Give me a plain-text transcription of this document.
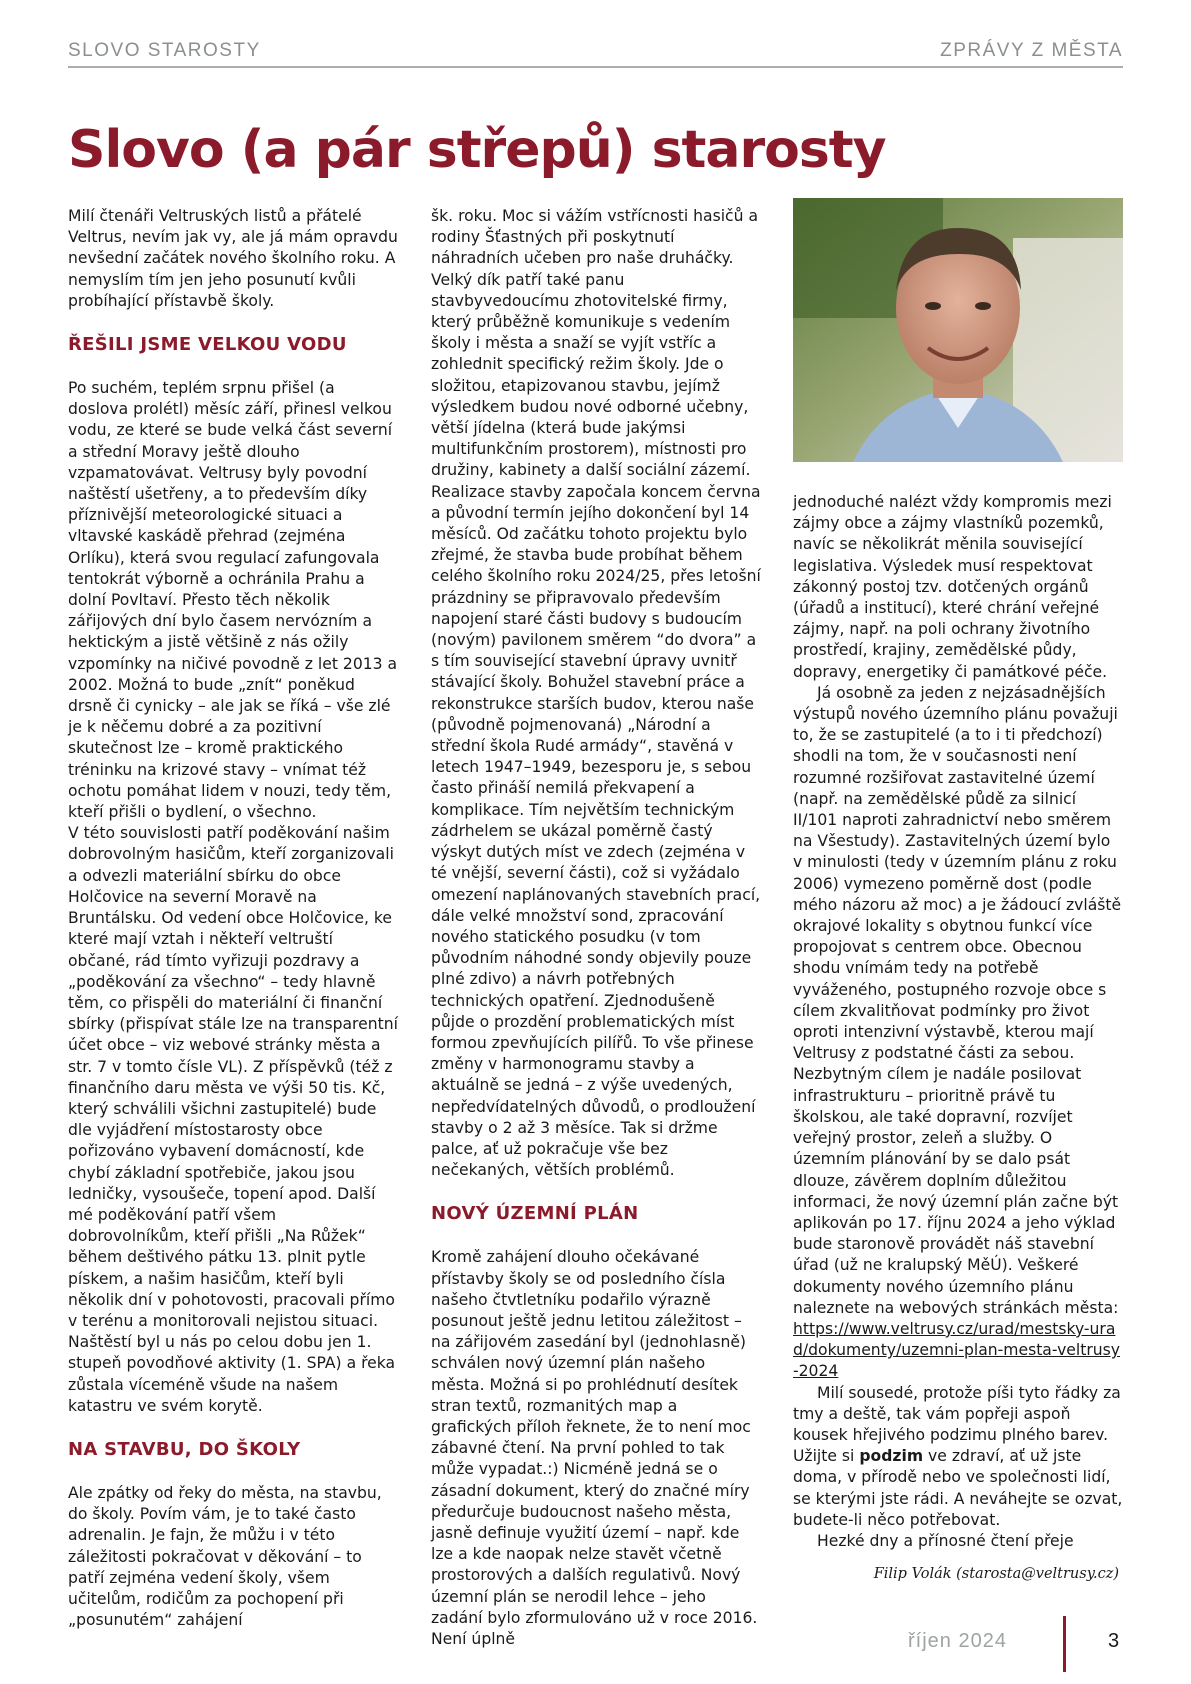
SLOVO STAROSTY	ZPRÁVY Z MĚSTA
Slovo (a pár střepů) starosty

Milí čtenáři Veltruských listů a přátelé Veltrus, nevím jak vy, ale já mám opravdu nevšední začátek nového školního roku. A nemyslím tím jen jeho posunutí kvůli probíhající přístavbě školy.

ŘEŠILI JSME VELKOU VODU

Po suchém, teplém srpnu přišel (a doslova prolétl) měsíc září, přinesl velkou vodu, ze které se bude velká část severní a střední Moravy ještě dlouho vzpamatovávat. Veltrusy byly povodní naštěstí ušetřeny, a to především díky příznivější meteorologické situaci a vltavské kaskádě přehrad (zejména Orlíku), která svou regulací zafungovala tentokrát výborně a ochránila Prahu a dolní Povltaví. Přesto těch několik zářijových dní bylo časem nervózním a hektickým a jistě většině z nás ožily vzpomínky na ničivé povodně z let 2013 a 2002. Možná to bude „znít“ poněkud drsně či cynicky – ale jak se říká – vše zlé je k něčemu dobré a za pozitivní skutečnost lze – kromě praktického tréninku na krizové stavy – vnímat též ochotu pomáhat lidem v nouzi, tedy těm, kteří přišli o bydlení, o všechno.

V této souvislosti patří poděkování našim dobrovolným hasičům, kteří zorganizovali a odvezli materiální sbírku do obce Holčovice na severní Moravě na Bruntálsku. Od vedení obce Holčovice, ke které mají vztah i někteří veltruští občané, rád tímto vyřizuji pozdravy a „poděkování za všechno“ – tedy hlavně těm, co přispěli do materiální či finanční sbírky (přispívat stále lze na transparentní účet obce – viz webové stránky města a str. 7 v tomto čísle VL). Z příspěvků (též z finančního daru města ve výši 50 tis. Kč, který schválili všichni zastupitelé) bude dle vyjádření místostarosty obce pořizováno vybavení domácností, kde chybí základní spotřebiče, jakou jsou ledničky, vysoušeče, topení apod. Další mé poděkování patří všem dobrovolníkům, kteří přišli „Na Růžek“ během deštivého pátku 13. plnit pytle pískem, a našim hasičům, kteří byli několik dní v pohotovosti, pracovali přímo v terénu a monitorovali nejistou situaci. Naštěstí byl u nás po celou dobu jen 1. stupeň povodňové aktivity (1. SPA) a řeka zůstala víceméně všude na našem katastru ve svém korytě.

NA STAVBU, DO ŠKOLY

Ale zpátky od řeky do města, na stavbu, do školy. Povím vám, je to také často adrenalin. Je fajn, že můžu i v této záležitosti pokračovat v děkování – to patří zejména vedení školy, všem učitelům, rodičům za pochopení při „posunutém“ zahájení

šk. roku. Moc si vážím vstřícnosti hasičů a rodiny Šťastných při poskytnutí náhradních učeben pro naše druháčky. Velký dík patří také panu stavbyvedoucímu zhotovitelské firmy, který průběžně komunikuje s vedením školy i města a snaží se vyjít vstříc a zohlednit specifický režim školy. Jde o složitou, etapizovanou stavbu, jejímž výsledkem budou nové odborné učebny, větší jídelna (která bude jakýmsi multifunkčním prostorem), místnosti pro družiny, kabinety a další sociální zázemí. Realizace stavby započala koncem června a původní termín jejího dokončení byl 14 měsíců. Od začátku tohoto projektu bylo zřejmé, že stavba bude probíhat během celého školního roku 2024/25, přes letošní prázdniny se připravovalo především napojení staré části budovy s budoucím (novým) pavilonem směrem “do dvora” a s tím související stavební úpravy uvnitř stávající školy. Bohužel stavební práce a rekonstrukce starších budov, kterou naše (původně pojmenovaná) „Národní a střední škola Rudé armády“, stavěná v letech 1947–1949, bezesporu je, s sebou často přináší nemilá překvapení a komplikace. Tím největším technickým zádrhelem se ukázal poměrně častý výskyt dutých míst ve zdech (zejména v té vnější, severní části), což si vyžádalo omezení naplánovaných stavebních prací, dále velké množství sond, zpracování nového statického posudku (v tom původním náhodné sondy objevily pouze plné zdivo) a návrh potřebných technických opatření. Zjednodušeně půjde o prozdění problematických míst formou zpevňujících pilířů. To vše přinese změny v harmonogramu stavby a aktuálně se jedná – z výše uvedených, nepředvídatelných důvodů, o prodloužení stavby o 2 až 3 měsíce. Tak si držme palce, ať už pokračuje vše bez nečekaných, větších problémů.

NOVÝ ÚZEMNÍ PLÁN

Kromě zahájení dlouho očekávané přístavby školy se od posledního čísla našeho čtvtletníku podařilo výrazně posunout ještě jednu letitou záležitost – na zářijovém zasedání byl (jednohlasně) schválen nový územní plán našeho města. Možná si po prohlédnutí desítek stran textů, rozmanitých map a grafických příloh řeknete, že to není moc zábavné čtení. Na první pohled to tak může vypadat.:) Nicméně jedná se o zásadní dokument, který do značné míry předurčuje budoucnost našeho města, jasně definuje využití území – např. kde lze a kde naopak nelze stavět včetně prostorových a dalších regulativů. Nový územní plán se nerodil lehce – jeho zadání bylo zformulováno už v roce 2016. Není úplně

jednoduché nalézt vždy kompromis mezi zájmy obce a zájmy vlastníků pozemků, navíc se několikrát měnila související legislativa. Výsledek musí respektovat zákonný postoj tzv. dotčených orgánů (úřadů a institucí), které chrání veřejné zájmy, např. na poli ochrany životního prostředí, krajiny, zemědělské půdy, dopravy, energetiky či památkové péče.

Já osobně za jeden z nejzásadnějších výstupů nového územního plánu považuji to, že se zastupitelé (a to i ti předchozí) shodli na tom, že v současnosti není rozumné rozšiřovat zastavitelné území (např. na zemědělské půdě za silnicí II/101 naproti zahradnictví nebo směrem na Všestudy). Zastavitelných území bylo v minulosti (tedy v územním plánu z roku 2006) vymezeno poměrně dost (podle mého názoru až moc) a je žádoucí zvláště okrajové lokality s obytnou funkcí více propojovat s centrem obce. Obecnou shodu vnímám tedy na potřebě vyváženého, postupného rozvoje obce s cílem zkvalitňovat podmínky pro život oproti intenzivní výstavbě, kterou mají Veltrusy z podstatné části za sebou. Nezbytným cílem je nadále posilovat infrastrukturu – prioritně právě tu školskou, ale také dopravní, rozvíjet veřejný prostor, zeleň a služby. O územním plánování by se dalo psát dlouze, závěrem doplním důležitou informaci, že nový územní plán začne být aplikován po 17. říjnu 2024 a jeho výklad bude staronově provádět náš stavební úřad (už ne kralupský MěÚ). Veškeré dokumenty nového územního plánu naleznete na webových stránkách města:

https://www.veltrusy.cz/urad/mestsky-urad/dokumenty/uzemni-plan-mesta-veltrusy-2024

Milí sousedé, protože píši tyto řádky za tmy a deště, tak vám popřeji aspoň kousek hřejivého podzimu plného barev. Užijte si podzim ve zdraví, ať už jste doma, v přírodě nebo ve společnosti lidí, se kterými jste rádi. A neváhejte se ozvat, budete-li něco potřebovat.

Hezké dny a přínosné čtení přeje

Filip Volák (starosta@veltrusy.cz)
říjen 2024	3
